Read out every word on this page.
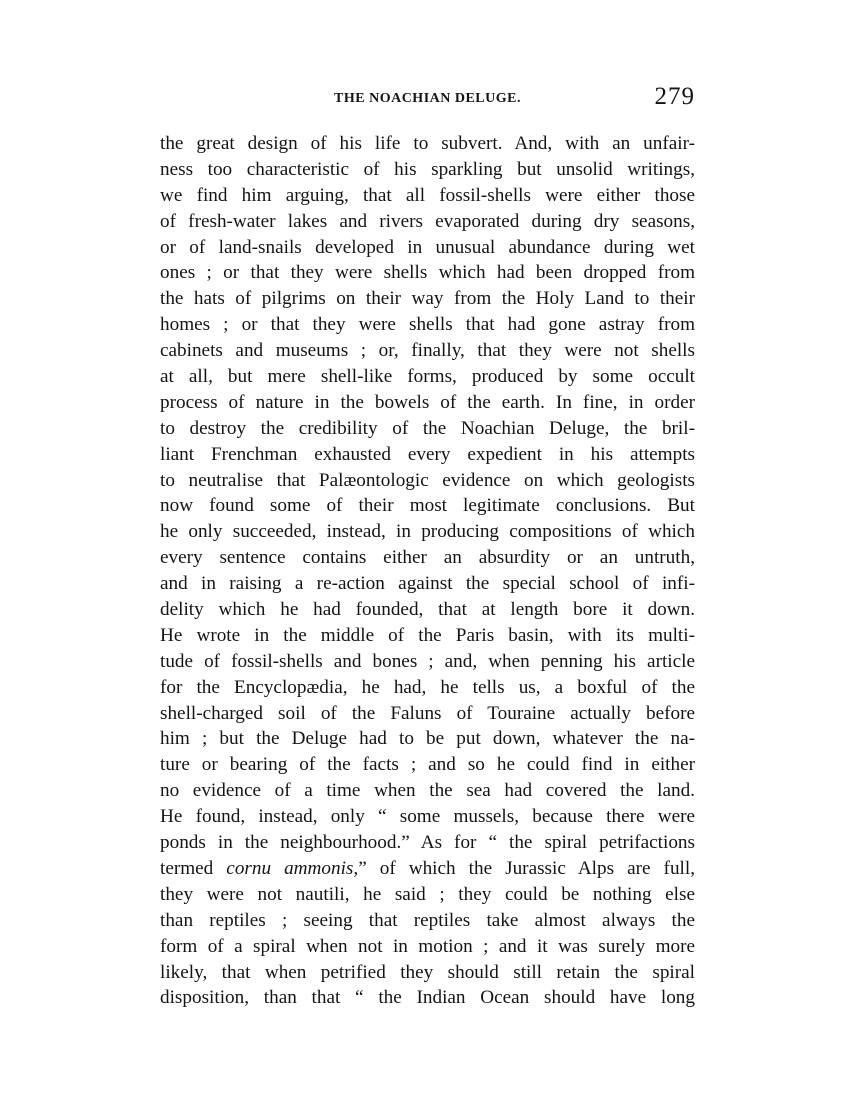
THE NOACHIAN DELUGE.	279
the great design of his life to subvert. And, with an unfair-
ness too characteristic of his sparkling but unsolid writings,
we find him arguing, that all fossil-shells were either those
of fresh-water lakes and rivers evaporated during dry seasons,
or of land-snails developed in unusual abundance during wet
ones ; or that they were shells which had been dropped from
the hats of pilgrims on their way from the Holy Land to their
homes ; or that they were shells that had gone astray from
cabinets and museums ; or, finally, that they were not shells
at all, but mere shell-like forms, produced by some occult
process of nature in the bowels of the earth. In fine, in order
to destroy the credibility of the Noachian Deluge, the bril-
liant Frenchman exhausted every expedient in his attempts
to neutralise that Palæontologic evidence on which geologists
now found some of their most legitimate conclusions. But
he only succeeded, instead, in producing compositions of which
every sentence contains either an absurdity or an untruth,
and in raising a re-action against the special school of infi-
delity which he had founded, that at length bore it down.
He wrote in the middle of the Paris basin, with its multi-
tude of fossil-shells and bones ; and, when penning his article
for the Encyclopædia, he had, he tells us, a boxful of the
shell-charged soil of the Faluns of Touraine actually before
him ; but the Deluge had to be put down, whatever the na-
ture or bearing of the facts ; and so he could find in either
no evidence of a time when the sea had covered the land.
He found, instead, only “ some mussels, because there were
ponds in the neighbourhood.” As for “ the spiral petrifactions
termed cornu ammonis,” of which the Jurassic Alps are full,
they were not nautili, he said ; they could be nothing else
than reptiles ; seeing that reptiles take almost always the
form of a spiral when not in motion ; and it was surely more
likely, that when petrified they should still retain the spiral
disposition, than that “ the Indian Ocean should have long
